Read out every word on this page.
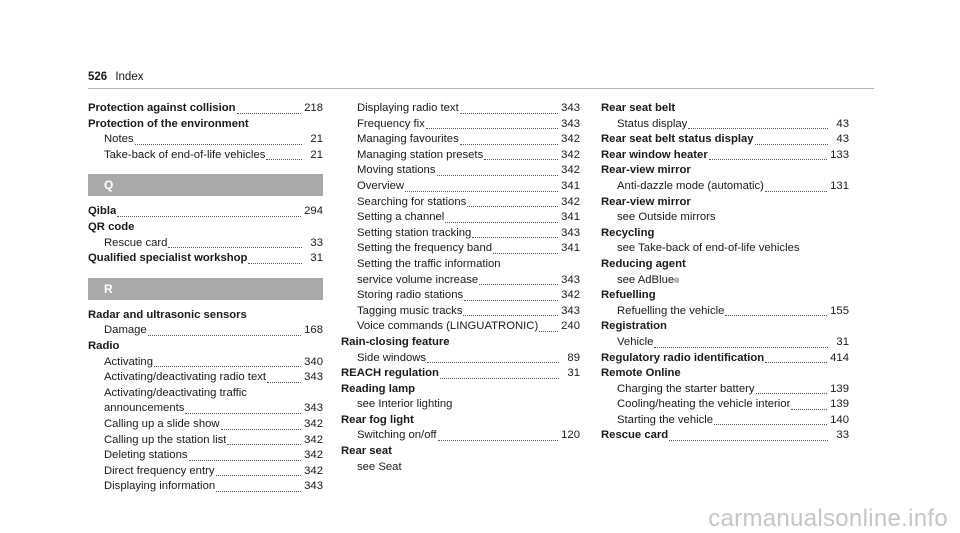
526 Index
Protection against collision	218
Protection of the environment
Notes	21
Take-back of end-of-life vehicles	21
Q
Qibla	294
QR code
Rescue card	33
Qualified specialist workshop	31
R
Radar and ultrasonic sensors
Damage	168
Radio
Activating	340
Activating/deactivating radio text	343
Activating/deactivating traffic
announcements	343
Calling up a slide show	342
Calling up the station list	342
Deleting stations	342
Direct frequency entry	342
Displaying information	343
Displaying radio text	343
Frequency fix	343
Managing favourites	342
Managing station presets	342
Moving stations	342
Overview	341
Searching for stations	342
Setting a channel	341
Setting station tracking	343
Setting the frequency band	341
Setting the traffic information
service volume increase	343
Storing radio stations	342
Tagging music tracks	343
Voice commands (LINGUATRONIC) 240
Rain-closing feature
Side windows	89
REACH regulation	31
Reading lamp
see Interior lighting
Rear fog light
Switching on/off	120
Rear seat
see Seat
Rear seat belt
Status display	43
Rear seat belt status display	43
Rear window heater	133
Rear-view mirror
Anti-dazzle mode (automatic)	131
Rear-view mirror
see Outside mirrors
Recycling
see Take-back of end-of-life vehicles
Reducing agent
see AdBlue ®
Refuelling
Refuelling the vehicle	155
Registration
Vehicle	31
Regulatory radio identification	414
Remote Online
Charging the starter battery	139
Cooling/heating the vehicle interior	139
Starting the vehicle	140
Rescue card	33
carmanualsonline.info
